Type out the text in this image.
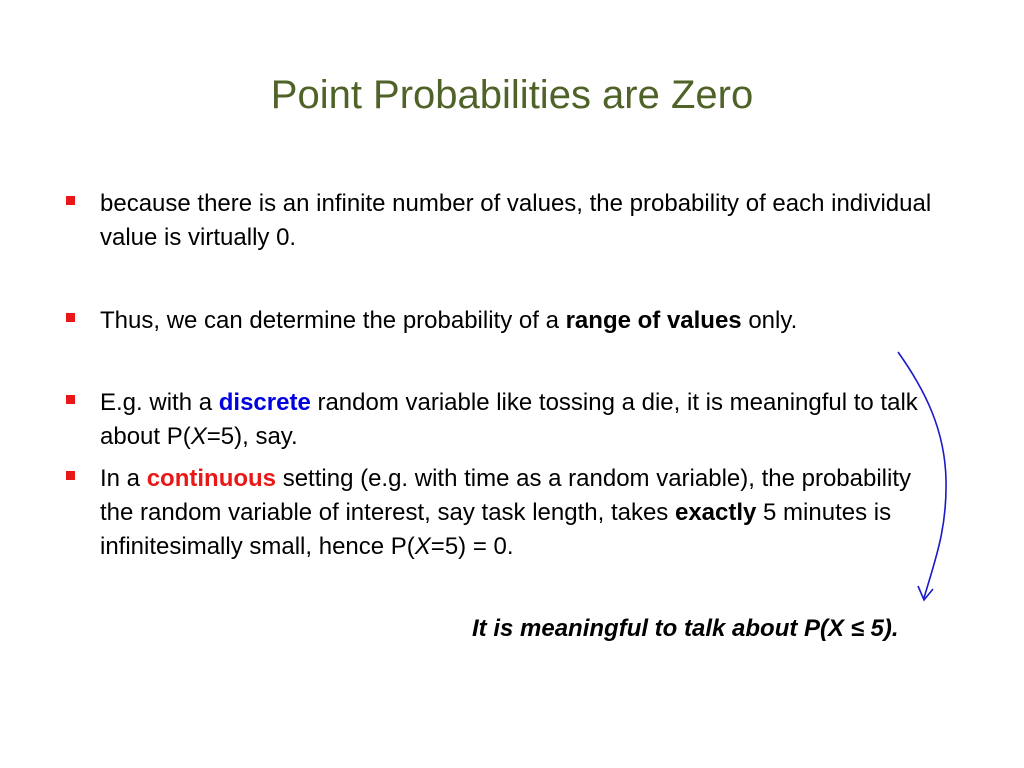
Point Probabilities are Zero
because there is an infinite number of values, the probability of each individual value is virtually 0.
Thus, we can determine the probability of a range of values only.
E.g. with a discrete random variable like tossing a die, it is meaningful to talk about P(X=5), say.
In a continuous setting (e.g. with time as a random variable), the probability the random variable of interest, say task length, takes exactly 5 minutes is infinitesimally small, hence P(X=5) = 0.
It is meaningful to talk about P(X ≤ 5).
